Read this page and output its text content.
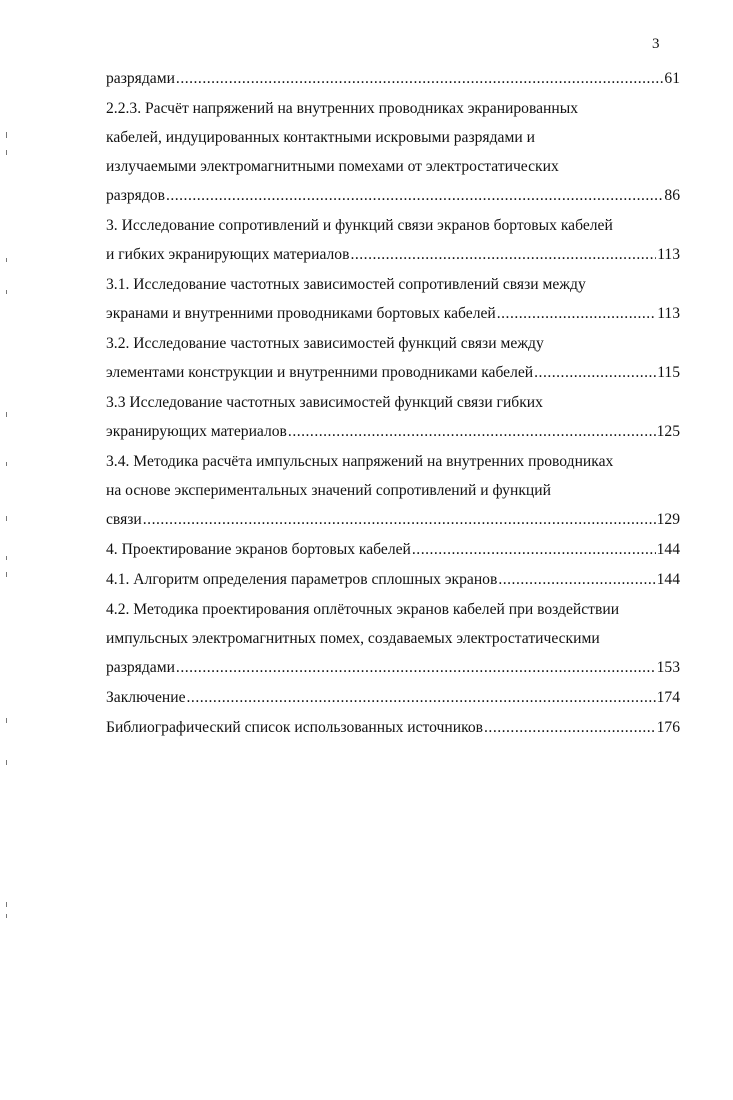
3

разрядами .....	61

2.2.3. Расчёт напряжений на внутренних проводниках экранированных
кабелей, индуцированных контактными искровыми разрядами и
излучаемыми электромагнитными помехами от электростатических
разрядов .....	86

3. Исследование сопротивлений и функций связи экранов бортовых кабелей
и гибких экранирующих материалов .....	113

3.1. Исследование частотных зависимостей сопротивлений связи между
экранами и внутренними проводниками бортовых кабелей .....	113

3.2. Исследование частотных зависимостей функций связи между
элементами конструкции и внутренними проводниками кабелей .....	115

3.3 Исследование частотных зависимостей функций связи гибких
экранирующих материалов .....	125

3.4. Методика расчёта импульсных напряжений на внутренних проводниках
на основе экспериментальных значений сопротивлений и функций
связи .....	129

4. Проектирование экранов бортовых кабелей .....	144

4.1. Алгоритм определения параметров сплошных экранов .....	144

4.2. Методика проектирования оплёточных экранов кабелей при воздействии
импульсных электромагнитных помех, создаваемых электростатическими
разрядами .....	153

Заключение .....	174

Библиографический список использованных источников .....	176
